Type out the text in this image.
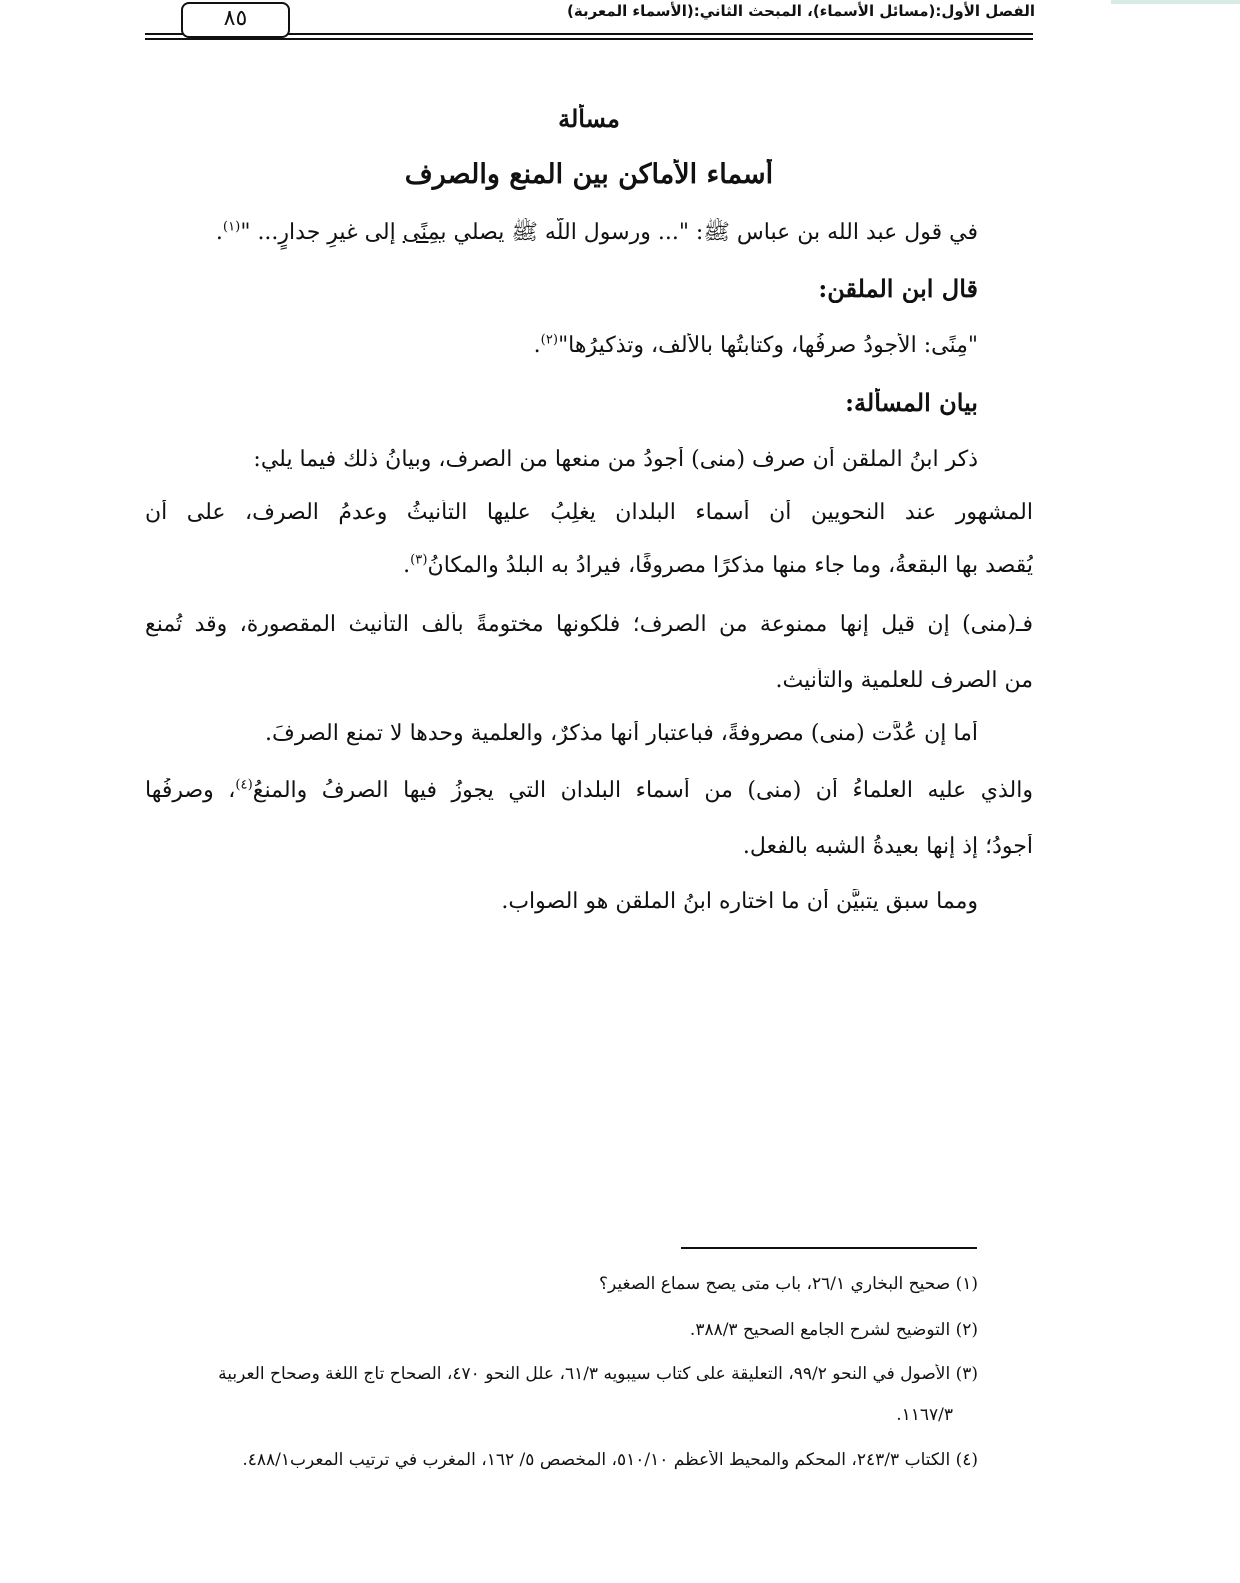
الفصل الأول:(مسائل الأسماء)، المبحث الثاني:(الأسماء المعربة)
٨٥
مسألة
أسماء الأماكن بين المنع والصرف
في قول عبد الله بن عباس ﷺ: "... ورسول اللّه ﷺ يصلي بمِنًى إلى غيرِ جدارٍ... "$^{(١)}$.
قال ابن الملقن:
"مِنًى: الأجودُ صرفُها، وكتابتُها بالألف، وتذكيرُها"$^{(٢)}$.
بيان المسألة:
ذكر ابنُ الملقن أن صرف (منى) أجودُ من منعها من الصرف، وبيانُ ذلك فيما يلي:
المشهور عند النحويين أن أسماء البلدان يغلِبُ عليها التأنيثُ وعدمُ الصرف، على أن
يُقصد بها البقعةُ، وما جاء منها مذكرًا مصروفًا، فيرادُ به البلدُ والمكانُ$^{(٣)}$.
فـ(منى) إن قيل إنها ممنوعة من الصرف؛ فلكونها مختومةً بألف التأنيث المقصورة، وقد تُمنع
من الصرف للعلمية والتأنيث.
أما إن عُدَّت (منى) مصروفةً، فباعتبار أنها مذكرٌ، والعلمية وحدها لا تمنع الصرفَ.
والذي عليه العلماءُ أن (منى) من أسماء البلدان التي يجوزُ فيها الصرفُ والمنعُ$^{(٤)}$، وصرفُها
أجودُ؛ إذ إنها بعيدةُ الشبه بالفعل.
ومما سبق يتبيَّن أن ما اختاره ابنُ الملقن هو الصواب.
(١) صحيح البخاري ٢٦/١، باب متى يصح سماع الصغير؟
(٢) التوضيح لشرح الجامع الصحيح ٣٨٨/٣.
(٣) الأصول في النحو ٩٩/٢، التعليقة على كتاب سيبويه ٦١/٣، علل النحو ٤٧٠، الصحاح تاج اللغة وصحاح العربية
١١٦٧/٣.
(٤) الكتاب ٢٤٣/٣، المحكم والمحيط الأعظم ٥١٠/١٠، المخصص ٥/ ١٦٢، المغرب في ترتيب المعرب٤٨٨/١.
